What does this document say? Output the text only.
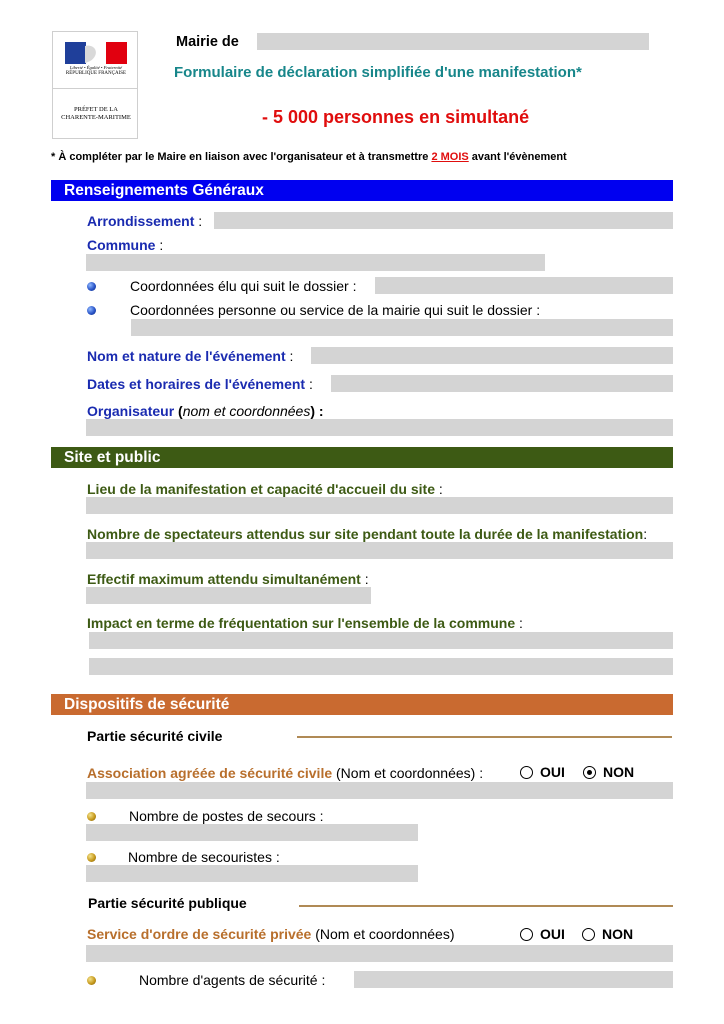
Liberté • Égalité • Fraternité
RÉPUBLIQUE FRANÇAISE
PRÉFET DE LA
CHARENTE-MARITIME
Mairie de
Formulaire de déclaration simplifiée d'une manifestation*
- 5 000 personnes en simultané
* À compléter par le Maire en liaison avec l'organisateur et à transmettre 2 MOIS avant l'évènement
Renseignements Généraux
Arrondissement :
Commune :
Coordonnées élu qui suit le dossier :
Coordonnées personne ou service de la mairie qui suit le dossier :
Nom et nature de l'événement :
Dates et horaires de l'événement :
Organisateur (nom et coordonnées) :
Site et public
Lieu de la manifestation et capacité d'accueil du site :
Nombre de spectateurs attendus sur site pendant toute la durée de la manifestation:
Effectif maximum attendu simultanément :
Impact en terme de fréquentation sur l'ensemble de la commune :
Dispositifs de sécurité
Partie sécurité civile
Association agréée de sécurité civile (Nom et coordonnées) :	OUI	NON
Nombre de postes de secours :
Nombre de secouristes :
Partie sécurité publique
Service d'ordre de sécurité privée (Nom et coordonnées)	OUI	NON
Nombre d'agents de sécurité :
